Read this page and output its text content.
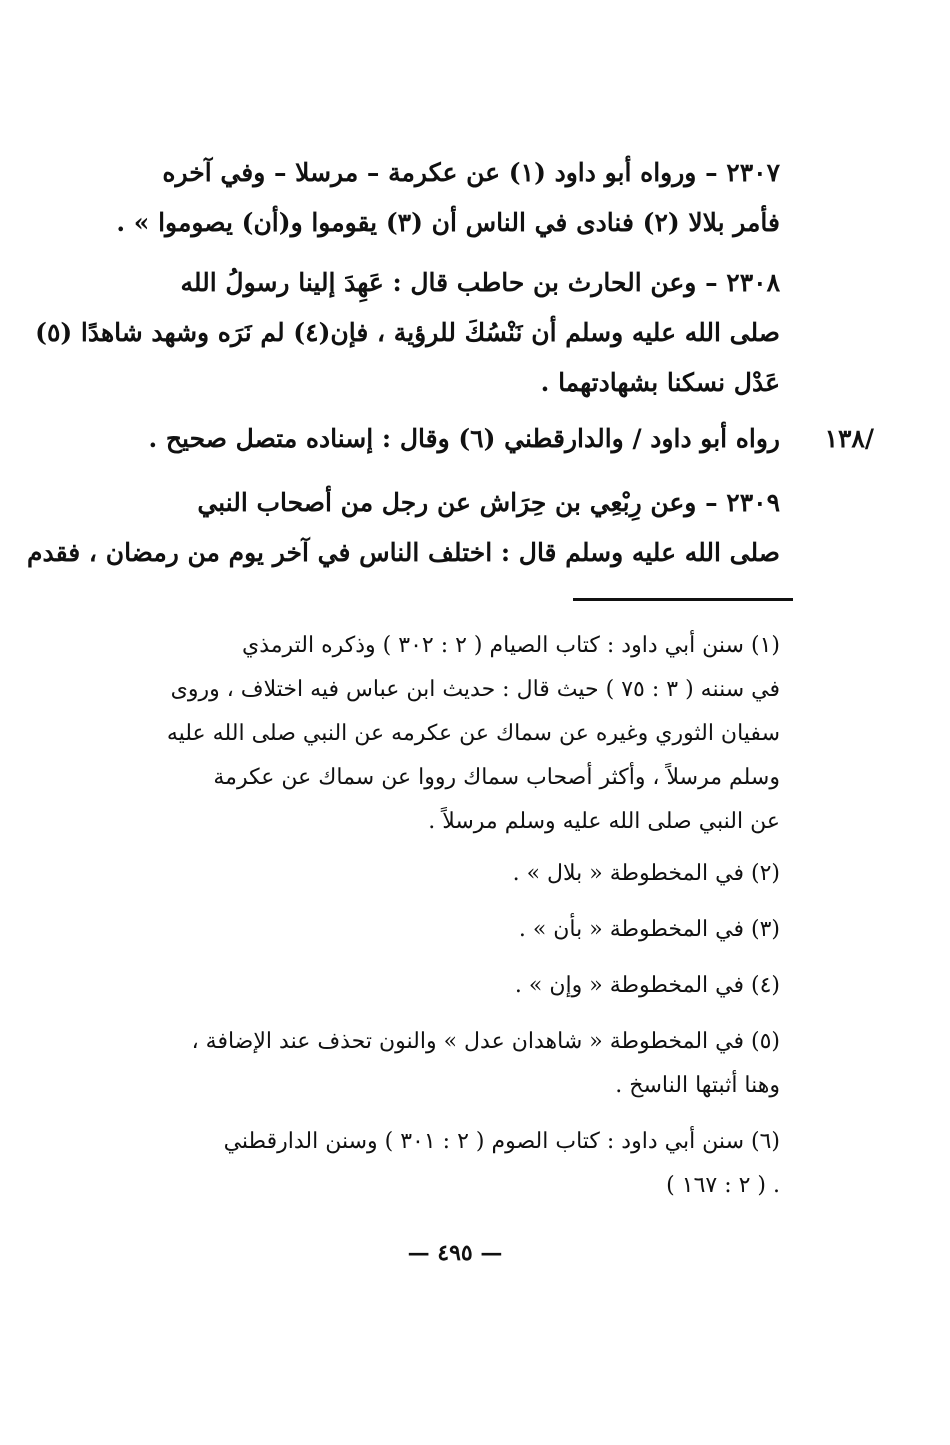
٢٣٠٧ – ورواه أبو داود (١) عن عكرمة – مرسلا – وفي آخره
فأمر بلالا (٢) فنادى في الناس أن (٣) يقوموا و(أن) يصوموا » .
٢٣٠٨ – وعن الحارث بن حاطب قال : عَهِدَ إلينا رسولُ الله
صلى الله عليه وسلم أن نَنْسُكَ للرؤية ، فإن(٤) لم نَرَه وشهد شاهدًا (٥)
عَدْل نسكنا بشهادتهما .
رواه أبو داود / والدارقطني (٦) وقال : إسناده متصل صحيح . /١٣٨
٢٣٠٩ – وعن رِبْعِي بن حِرَاش عن رجل من أصحاب النبي
صلى الله عليه وسلم قال : اختلف الناس في آخر يوم من رمضان ، فقدم
(١) سنن أبي داود : كتاب الصيام ( ٢ : ٣٠٢ ) وذكره الترمذي
في سننه ( ٣ : ٧٥ ) حيث قال : حديث ابن عباس فيه اختلاف ، وروى
سفيان الثوري وغيره عن سماك عن عكرمه عن النبي صلى الله عليه
وسلم مرسلاً ، وأكثر أصحاب سماك رووا عن سماك عن عكرمة
عن النبي صلى الله عليه وسلم مرسلاً .
(٢) في المخطوطة « بلال » .
(٣) في المخطوطة « بأن » .
(٤) في المخطوطة « وإن » .
(٥) في المخطوطة « شاهدان عدل » والنون تحذف عند الإضافة ،
وهنا أثبتها الناسخ .
(٦) سنن أبي داود : كتاب الصوم ( ٢ : ٣٠١ ) وسنن الدارقطني
( ٢ : ١٦٧ ) .
— ٤٩٥ —
